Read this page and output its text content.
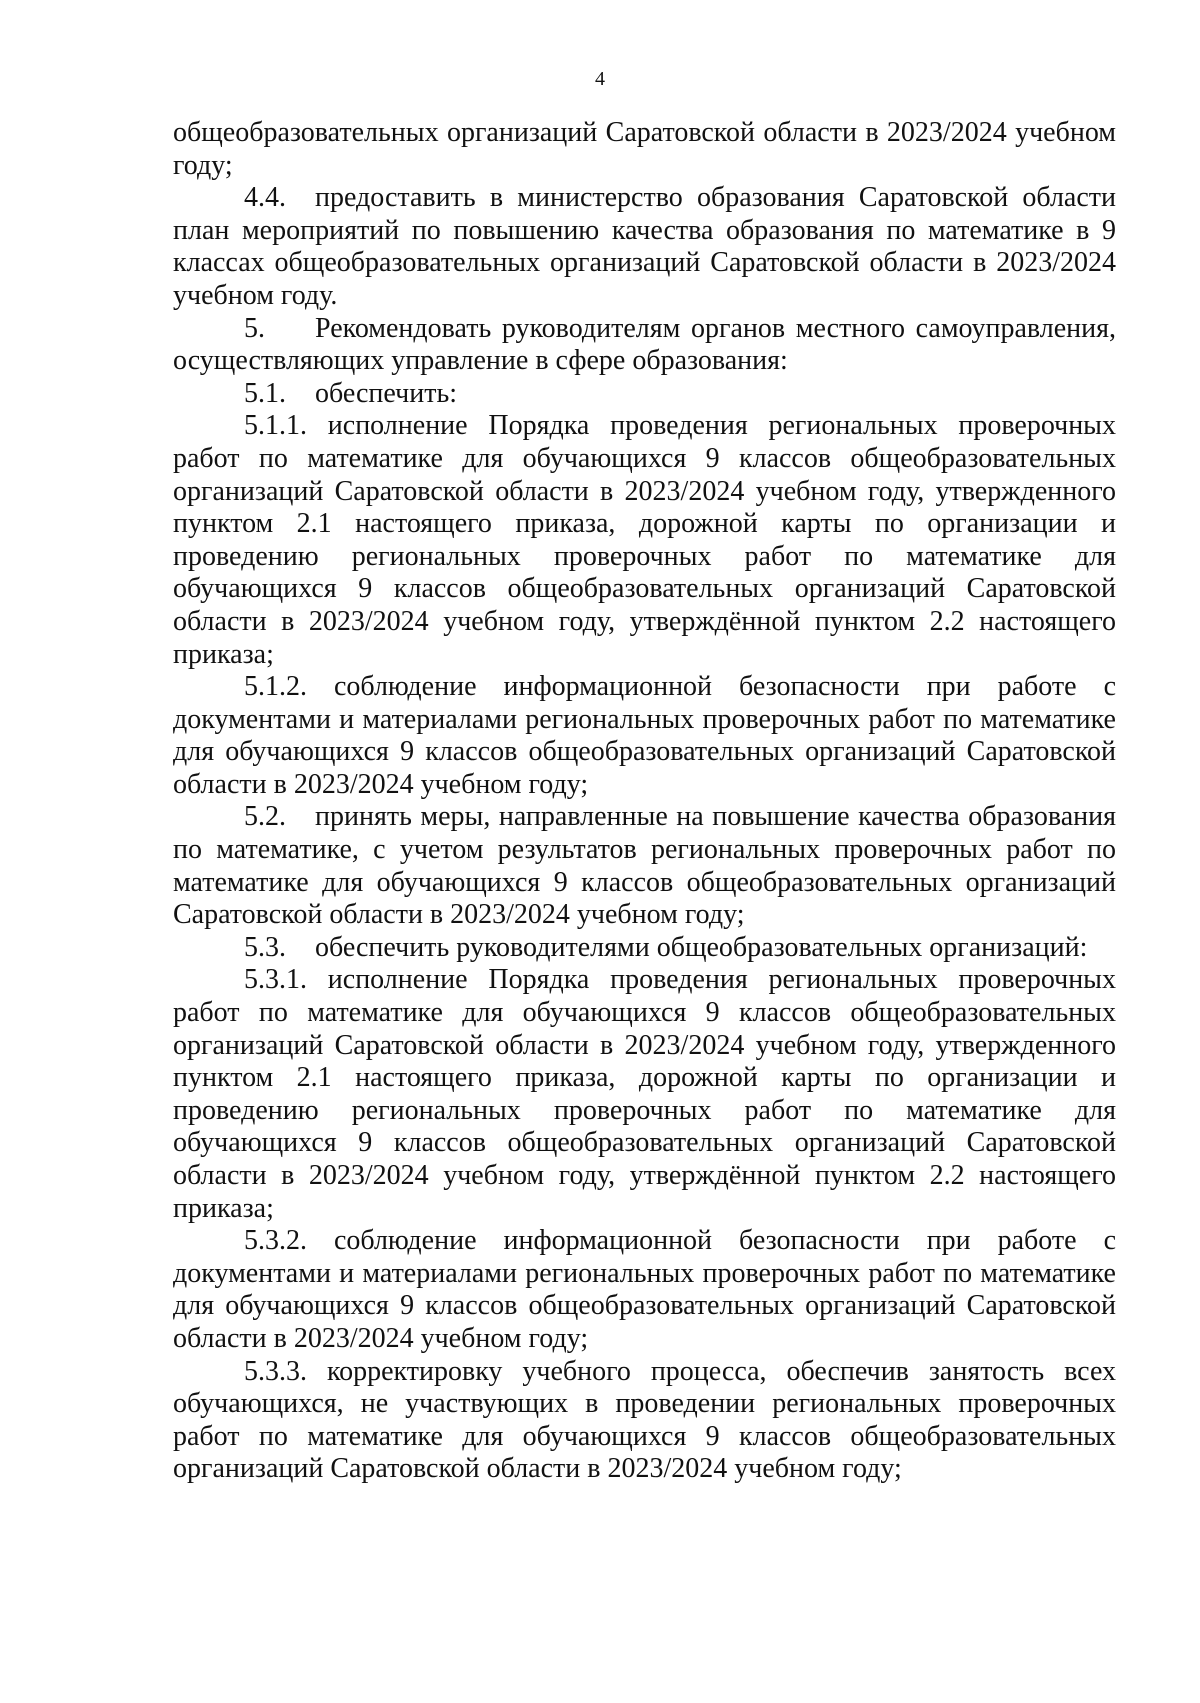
4

общеобразовательных организаций Саратовской области в 2023/2024 учебном году;

4.4. предоставить в министерство образования Саратовской области план мероприятий по повышению качества образования по математике в 9 классах общеобразовательных организаций Саратовской области в 2023/2024 учебном году.

5. Рекомендовать руководителям органов местного самоуправления, осуществляющих управление в сфере образования:

5.1. обеспечить:

5.1.1. исполнение Порядка проведения региональных проверочных работ по математике для обучающихся 9 классов общеобразовательных организаций Саратовской области в 2023/2024 учебном году, утвержденного пунктом 2.1 настоящего приказа, дорожной карты по организации и проведению региональных проверочных работ по математике для обучающихся 9 классов общеобразовательных организаций Саратовской области в 2023/2024 учебном году, утверждённой пунктом 2.2 настоящего приказа;

5.1.2. соблюдение информационной безопасности при работе с документами и материалами региональных проверочных работ по математике для обучающихся 9 классов общеобразовательных организаций Саратовской области в 2023/2024 учебном году;

5.2. принять меры, направленные на повышение качества образования по математике, с учетом результатов региональных проверочных работ по математике для обучающихся 9 классов общеобразовательных организаций Саратовской области в 2023/2024 учебном году;

5.3. обеспечить руководителями общеобразовательных организаций:

5.3.1. исполнение Порядка проведения региональных проверочных работ по математике для обучающихся 9 классов общеобразовательных организаций Саратовской области в 2023/2024 учебном году, утвержденного пунктом 2.1 настоящего приказа, дорожной карты по организации и проведению региональных проверочных работ по математике для обучающихся 9 классов общеобразовательных организаций Саратовской области в 2023/2024 учебном году, утверждённой пунктом 2.2 настоящего приказа;

5.3.2. соблюдение информационной безопасности при работе с документами и материалами региональных проверочных работ по математике для обучающихся 9 классов общеобразовательных организаций Саратовской области в 2023/2024 учебном году;

5.3.3. корректировку учебного процесса, обеспечив занятость всех обучающихся, не участвующих в проведении региональных проверочных работ по математике для обучающихся 9 классов общеобразовательных организаций Саратовской области в 2023/2024 учебном году;
